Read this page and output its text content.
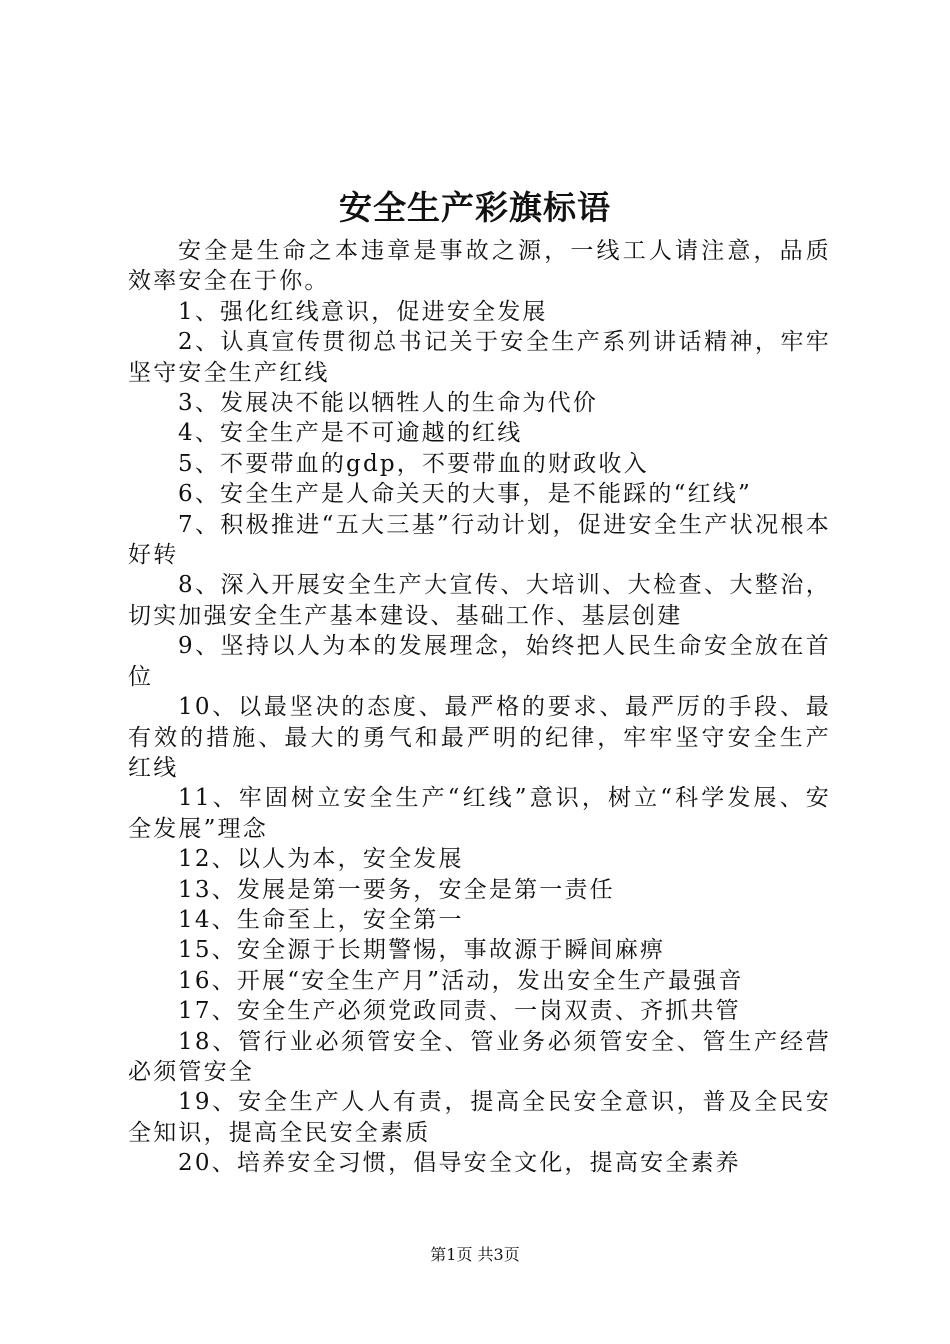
安全生产彩旗标语

安全是生命之本违章是事故之源，一线工人请注意，品质效率安全在于你。

1、强化红线意识，促进安全发展

2、认真宣传贯彻总书记关于安全生产系列讲话精神，牢牢坚守安全生产红线

3、发展决不能以牺牲人的生命为代价

4、安全生产是不可逾越的红线

5、不要带血的gdp，不要带血的财政收入

6、安全生产是人命关天的大事，是不能踩的“红线”

7、积极推进“五大三基”行动计划，促进安全生产状况根本好转

8、深入开展安全生产大宣传、大培训、大检查、大整治，切实加强安全生产基本建设、基础工作、基层创建

9、坚持以人为本的发展理念，始终把人民生命安全放在首位

10、以最坚决的态度、最严格的要求、最严厉的手段、最有效的措施、最大的勇气和最严明的纪律，牢牢坚守安全生产红线

11、牢固树立安全生产“红线”意识，树立“科学发展、安全发展”理念

12、以人为本，安全发展

13、发展是第一要务，安全是第一责任

14、生命至上，安全第一

15、安全源于长期警惕，事故源于瞬间麻痹

16、开展“安全生产月”活动，发出安全生产最强音

17、安全生产必须党政同责、一岗双责、齐抓共管

18、管行业必须管安全、管业务必须管安全、管生产经营必须管安全

19、安全生产人人有责，提高全民安全意识，普及全民安全知识，提高全民安全素质

20、培养安全习惯，倡导安全文化，提高安全素养

第1页 共3页
